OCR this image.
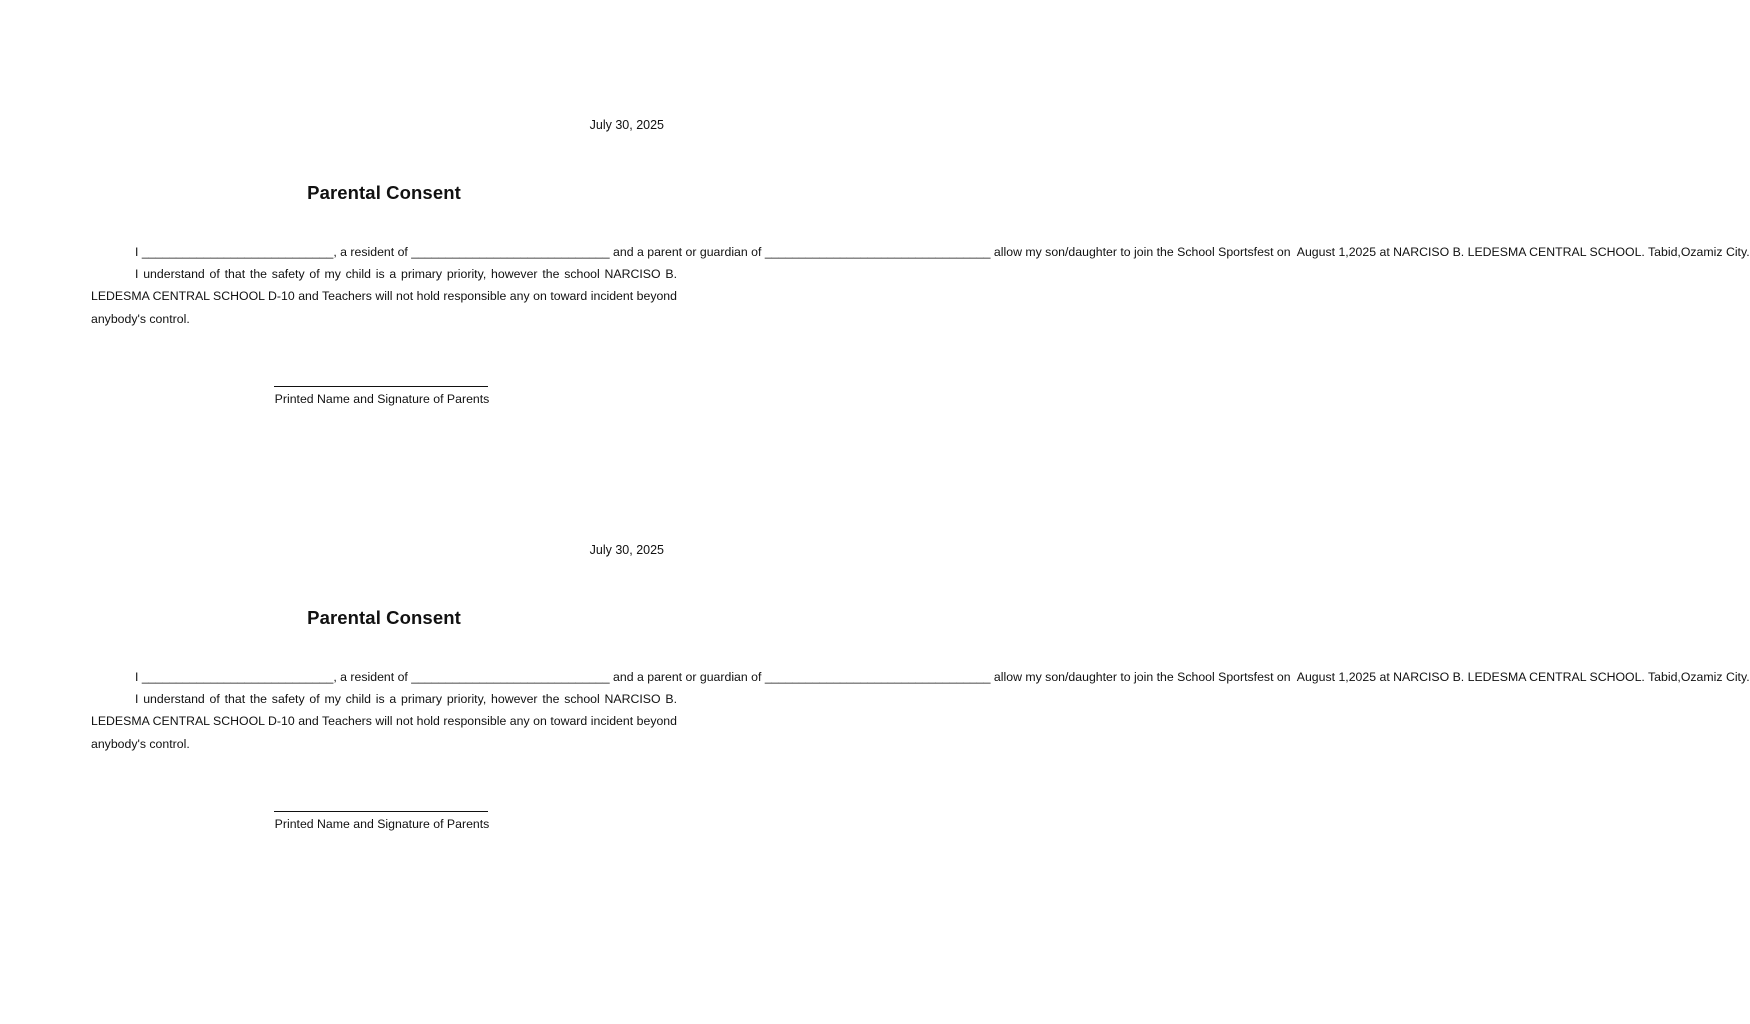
July 30, 2025
Parental Consent

I ____________________________, a resident of _____________________________ and a parent or guardian of _________________________________ allow my son/daughter to join the School Sportsfest on  August 1,2025 at NARCISO B. LEDESMA CENTRAL SCHOOL. Tabid,Ozamiz City.

I understand of that the safety of my child is a primary priority, however the school NARCISO B. LEDESMA CENTRAL SCHOOL D-10 and Teachers will not hold responsible any on toward incident beyond anybody's control.

Printed Name and Signature of Parents
July 30, 2025
Parental Consent

I ____________________________, a resident of _____________________________ and a parent or guardian of _________________________________ allow my son/daughter to join the School Sportsfest on  August 1,2025 at NARCISO B. LEDESMA CENTRAL SCHOOL. Tabid,Ozamiz City.

I understand of that the safety of my child is a primary priority, however the school NARCISO B. LEDESMA CENTRAL SCHOOL D-10 and Teachers will not hold responsible any on toward incident beyond anybody's control.

Printed Name and Signature of Parents
